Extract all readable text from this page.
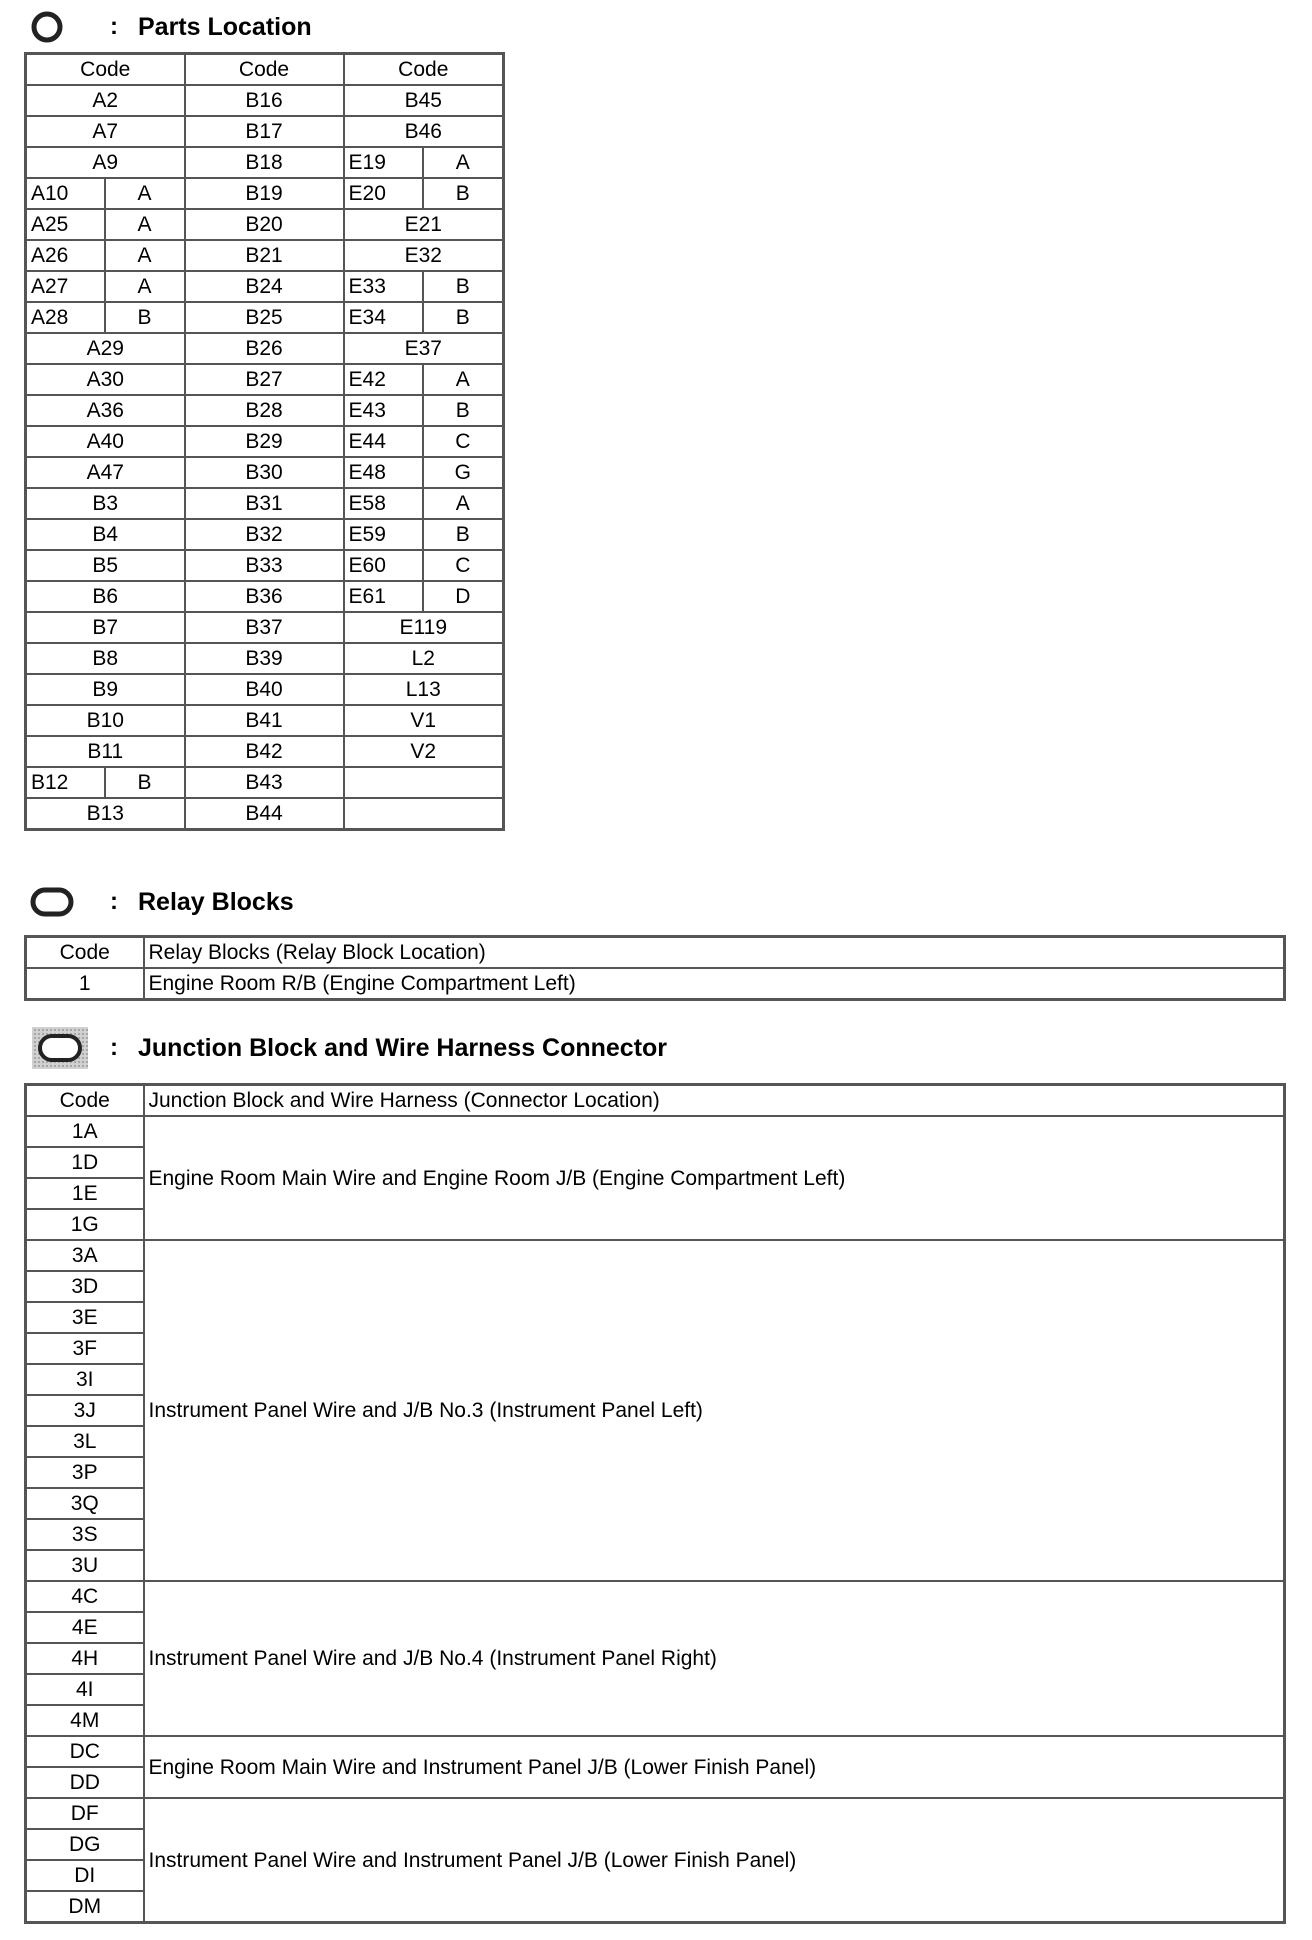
: Parts Location
Code		Code	Code	
A2		B16	B45	
A7		B17	B46	
A9		B18	E19	A
A10	A	B19	E20	B
A25	A	B20	E21	
A26	A	B21	E32	
A27	A	B24	E33	B
A28	B	B25	E34	B
A29		B26	E37	
A30		B27	E42	A
A36		B28	E43	B
A40		B29	E44	C
A47		B30	E48	G
B3		B31	E58	A
B4		B32	E59	B
B5		B33	E60	C
B6		B36	E61	D
B7		B37	E119	
B8		B39	L2	
B9		B40	L13	
B10		B41	V1	
B11		B42	V2	
B12	B	B43		
B13		B44		
: Relay Blocks
Code	Relay Blocks (Relay Block Location)
1	Engine Room R/B (Engine Compartment Left)
: Junction Block and Wire Harness Connector
Code	Junction Block and Wire Harness (Connector Location)
1A	Engine Room Main Wire and Engine Room J/B (Engine Compartment Left)
1D	
1E	
1G	
3A	Instrument Panel Wire and J/B No.3 (Instrument Panel Left)
3D	
3E	
3F	
3I	
3J	
3L	
3P	
3Q	
3S	
3U	
4C	Instrument Panel Wire and J/B No.4 (Instrument Panel Right)
4E	
4H	
4I	
4M	
DC	Engine Room Main Wire and Instrument Panel J/B (Lower Finish Panel)
DD	
DF	Instrument Panel Wire and Instrument Panel J/B (Lower Finish Panel)
DG	
DI	
DM	
